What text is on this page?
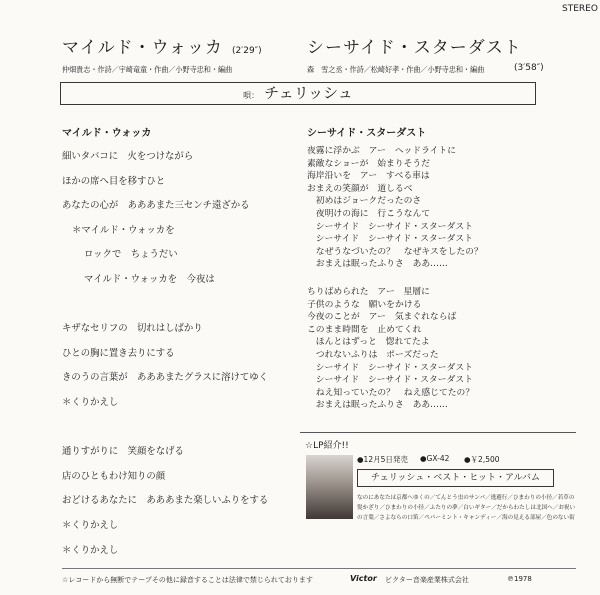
STEREO
マイルド・ウォッカ (2′29″)
仲畑貴志・作詩／宇崎竜童・作曲／小野寺忠和・編曲
シーサイド・スターダスト
森　雪之丞・作詩／松崎好孝・作曲／小野寺忠和・編曲	(3′58″)
唄： チェリッシュ
マイルド・ウォッカ
細いタバコに　火をつけながら
ほかの席へ目を移すひと
あなたの心が　あああまた三センチ遠ざかる
＊マイルド・ウォッカを
ロックで　ちょうだい
マイルド・ウォッカを　今夜は
キザなセリフの　切れはしばかり
ひとの胸に置き去りにする
きのうの言葉が　あああまたグラスに溶けてゆく
＊くりかえし
通りすがりに　笑顔をなげる
店のひともわけ知りの顔
おどけるあなたに　あああまた楽しいふりをする
＊くりかえし
＊くりかえし
シーサイド・スターダスト
夜霧に浮かぶ　アー　ヘッドライトに
素敵なショーが　始まりそうだ
海岸沿いを　アー　すべる車は
おまえの笑顔が　道しるべ
　初めはジョークだったのさ
　夜明けの海に　行こうなんて
　シーサイド　シーサイド・スターダスト
　シーサイド　シーサイド・スターダスト
　なぜうなづいたの？　なぜキスをしたの？
　おまえは眠ったふりさ　ああ……
ちりばめられた　アー　星層に
子供のような　願いをかける
今夜のことが　アー　気まぐれならば
このまま時間を　止めてくれ
　ほんとはずっと　惚れてたよ
　つれないふりは　ポーズだった
　シーサイド　シーサイド・スターダスト
　シーサイド　シーサイド・スターダスト
　ねえ知っていたの？　ねえ感じてたの？
　おまえは眠ったふりさ　ああ……
☆LP紹介!!
●12月5日発売 ●GX-42 ●￥2,500
チェリッシュ・ベスト・ヒット・アルバム
なのにあなたは京都へゆくの／てんとう虫のサンバ／逃避行／ひまわりの小径／若草の髪かざり／ひまわりの小径／ふたりの夢／白いギター／だからわたしは北国へ／お祝いの言葉／さよならの口笛／ペパーミント・キャンディー／海の見える部屋／色のない街
☆レコードから無断でテープその他に録音することは法律で禁じられております	Victor ビクター音楽産業株式会社	℗1978
